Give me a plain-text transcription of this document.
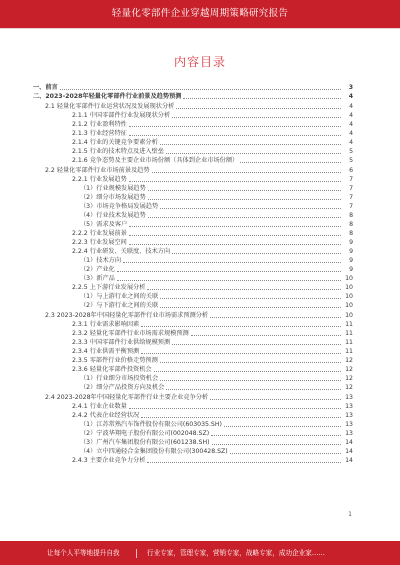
轻量化零部件企业穿越周期策略研究报告
内容目录
一、前言	3
二、2023-2028年轻量化零部件行业前景及趋势预测	4
2.1 轻量化零部件行业运营状况及发展现状分析	4
2.1.1 中国零部件行业发展现状分析	4
2.1.2 行业盈利特性	4
2.1.3 行业经营特征	4
2.1.4 行业的关键竞争要素分析	4
2.1.5 行业的技术特点及进入壁垒	5
2.1.6 竞争态势及主要企业市场份额（具体到企业市场份额）	5
2.2 轻量化零部件行业市场前景及趋势	6
2.2.1 行业发展趋势	7
（1）行业规模发展趋势	7
（2）细分市场发展趋势	7
（3）市场竞争格局发展趋势	7
（4）行业技术发展趋势	8
（5）需求及客户	8
2.2.2 行业发展前景	8
2.2.3 行业发展空间	9
2.2.4 行业研发、关联度、技术方向	9
（1）技术方向	9
（2）产业化	9
（3）新产品	10
2.2.5 上下游行业发展分析	10
（1）与上游行业之间的关联	10
（2）与下游行业之间的关联	10
2.3 2023-2028年中国轻量化零部件行业市场需求预测分析	10
2.3.1 行业需求影响因素	11
2.3.2 轻量化零部件行业市场需求规模预测	11
2.3.3 中国零部件行业供给规模预测	11
2.3.4 行业供需平衡预测	11
2.3.5 零部件行业价格走势预测	12
2.3.6 轻量化零部件投资机会	12
（1）行业细分市场投资机会	12
（2）细分产品投资方向及机会	12
2.4 2023-2028年中国轻量化零部件行业主要企业竞争分析	13
2.4.1 行业企业数量	13
2.4.2 代表企业经营状况	13
（1）江苏常熟汽车饰件股份有限公司(603035.SH)	13
（2）宁波华翔电子股份有限公司(002048.SZ)	13
（3）广州汽车集团股份有限公司(601238.SH)	14
（4）立中四通轻合金集团股份有限公司(300428.SZ)	14
2.4.3 主要企业竞争力分析	14
1
让每个人平等地提升自我	行业专家，管理专家，营销专家，战略专家，成功企业家……
